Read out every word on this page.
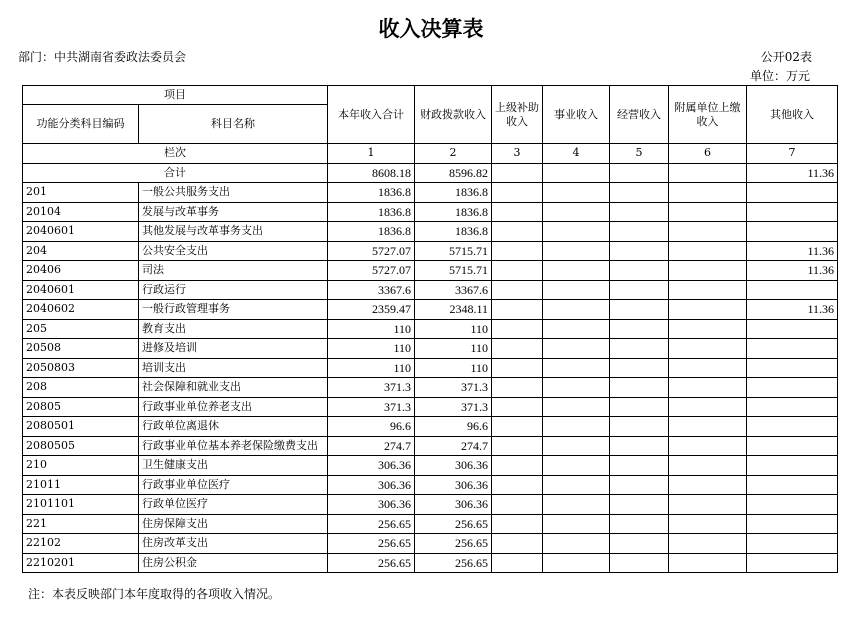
收入决算表
部门：中共湖南省委政法委员会	公开02表
单位：万元
项目		本年收入合计	财政拨款收入	上级补助收入	事业收入	经营收入	附属单位上缴收入	其他收入
功能分类科目编码	科目名称							
栏次		1	2	3	4	5	6	7
合计		8608.18	8596.82					11.36
201	一般公共服务支出	1836.8	1836.8					
20104	发展与改革事务	1836.8	1836.8					
2040601	其他发展与改革事务支出	1836.8	1836.8					
204	公共安全支出	5727.07	5715.71					11.36
20406	司法	5727.07	5715.71					11.36
2040601	行政运行	3367.6	3367.6					
2040602	一般行政管理事务	2359.47	2348.11					11.36
205	教育支出	110	110					
20508	进修及培训	110	110					
2050803	培训支出	110	110					
208	社会保障和就业支出	371.3	371.3					
20805	行政事业单位养老支出	371.3	371.3					
2080501	行政单位离退休	96.6	96.6					
2080505	行政事业单位基本养老保险缴费支出	274.7	274.7					
210	卫生健康支出	306.36	306.36					
21011	行政事业单位医疗	306.36	306.36					
2101101	行政单位医疗	306.36	306.36					
221	住房保障支出	256.65	256.65					
22102	住房改革支出	256.65	256.65					
2210201	住房公积金	256.65	256.65					
注：本表反映部门本年度取得的各项收入情况。
